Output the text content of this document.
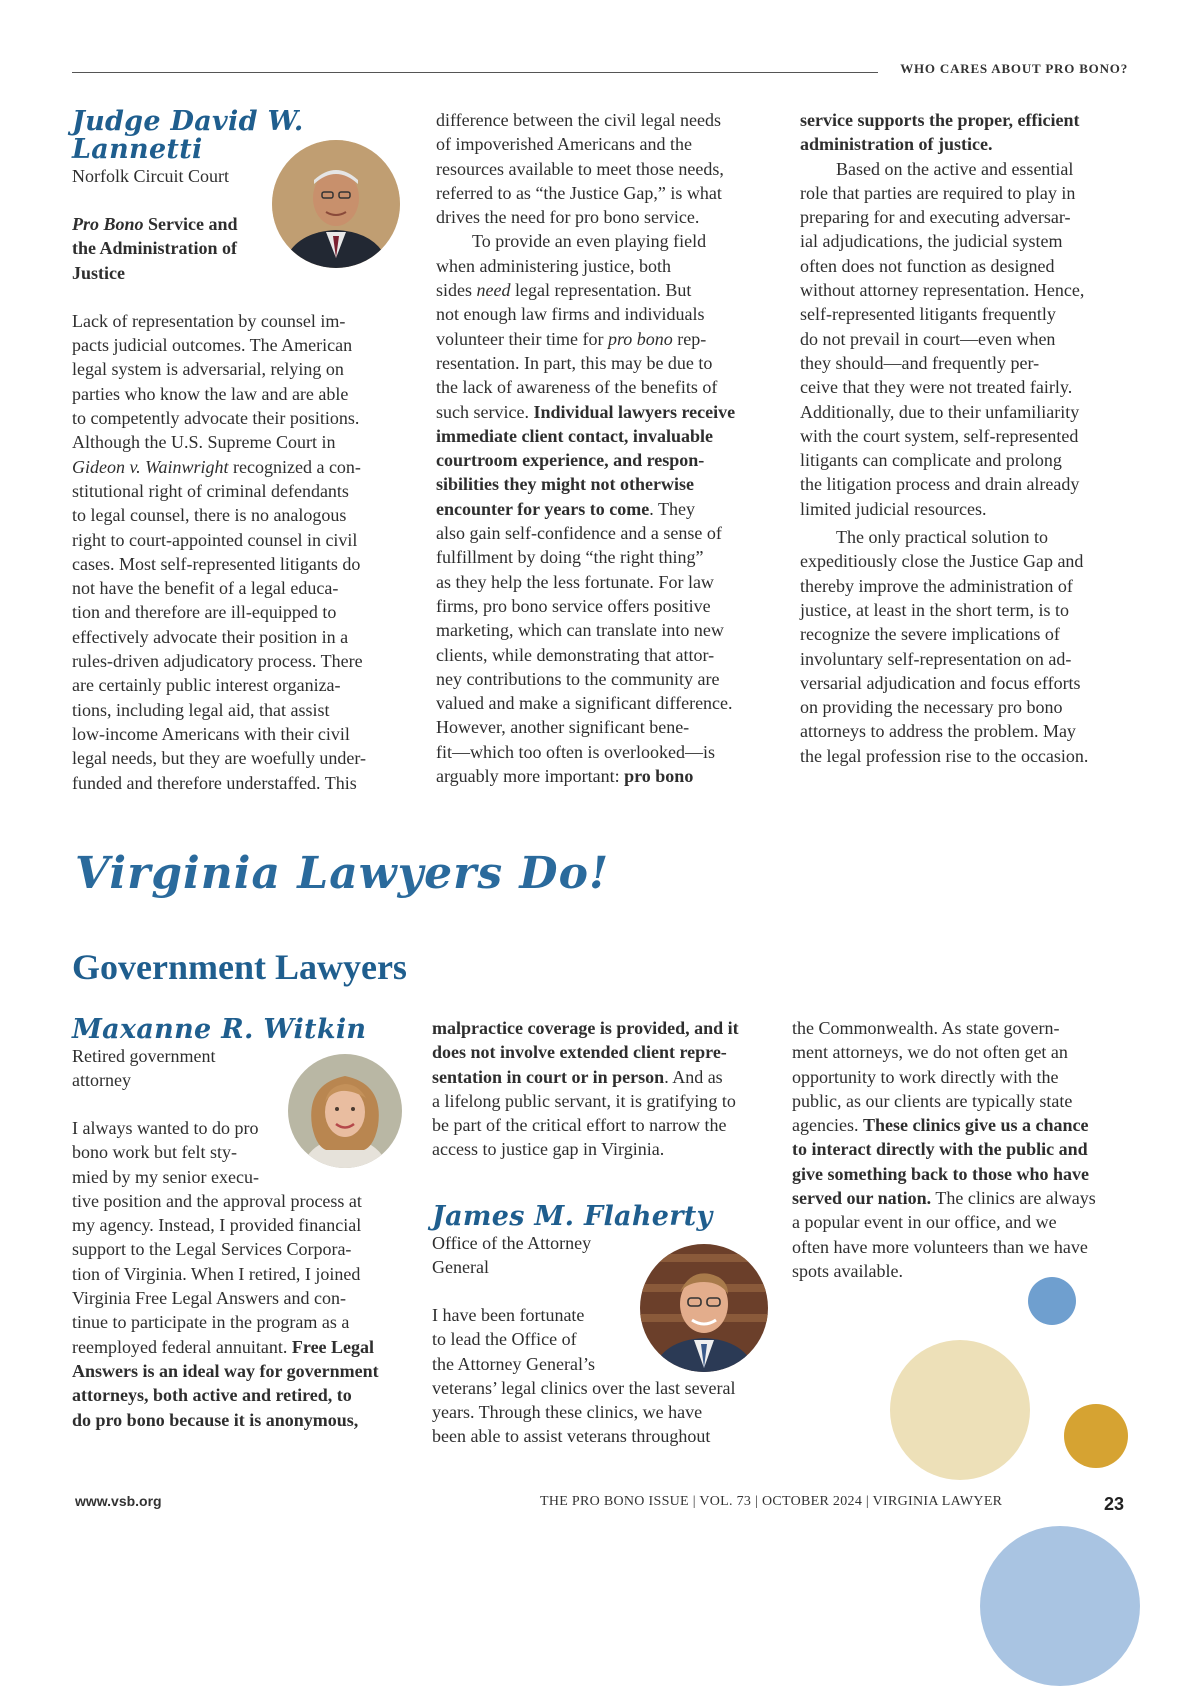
WHO CARES ABOUT PRO BONO?
Judge David W.
Lannetti
Norfolk Circuit Court
Pro Bono Service and
the Administration of
Justice
Lack of representation by counsel im-
pacts judicial outcomes. The American
legal system is adversarial, relying on
parties who know the law and are able
to competently advocate their positions.
Although the U.S. Supreme Court in
Gideon v. Wainwright recognized a con-
stitutional right of criminal defendants
to legal counsel, there is no analogous
right to court-appointed counsel in civil
cases. Most self-represented litigants do
not have the benefit of a legal educa-
tion and therefore are ill-equipped to
effectively advocate their position in a
rules-driven adjudicatory process. There
are certainly public interest organiza-
tions, including legal aid, that assist
low-income Americans with their civil
legal needs, but they are woefully under-
funded and therefore understaffed. This
difference between the civil legal needs
of impoverished Americans and the
resources available to meet those needs,
referred to as “the Justice Gap,” is what
drives the need for pro bono service.
To provide an even playing field
when administering justice, both
sides need legal representation. But
not enough law firms and individuals
volunteer their time for pro bono rep-
resentation. In part, this may be due to
the lack of awareness of the benefits of
such service. Individual lawyers receive
immediate client contact, invaluable
courtroom experience, and respon-
sibilities they might not otherwise
encounter for years to come. They
also gain self-confidence and a sense of
fulfillment by doing “the right thing”
as they help the less fortunate. For law
firms, pro bono service offers positive
marketing, which can translate into new
clients, while demonstrating that attor-
ney contributions to the community are
valued and make a significant difference.
However, another significant bene-
fit—which too often is overlooked—is
arguably more important: pro bono
service supports the proper, efficient
administration of justice.
Based on the active and essential
role that parties are required to play in
preparing for and executing adversar-
ial adjudications, the judicial system
often does not function as designed
without attorney representation. Hence,
self-represented litigants frequently
do not prevail in court—even when
they should—and frequently per-
ceive that they were not treated fairly.
Additionally, due to their unfamiliarity
with the court system, self-represented
litigants can complicate and prolong
the litigation process and drain already
limited judicial resources.
The only practical solution to
expeditiously close the Justice Gap and
thereby improve the administration of
justice, at least in the short term, is to
recognize the severe implications of
involuntary self-representation on ad-
versarial adjudication and focus efforts
on providing the necessary pro bono
attorneys to address the problem. May
the legal profession rise to the occasion.
Virginia Lawyers Do!
Government Lawyers
Maxanne R. Witkin
Retired government
attorney
I always wanted to do pro
bono work but felt sty-
mied by my senior execu-
tive position and the approval process at
my agency. Instead, I provided financial
support to the Legal Services Corpora-
tion of Virginia. When I retired, I joined
Virginia Free Legal Answers and con-
tinue to participate in the program as a
reemployed federal annuitant. Free Legal
Answers is an ideal way for government
attorneys, both active and retired, to
do pro bono because it is anonymous,
malpractice coverage is provided, and it
does not involve extended client repre-
sentation in court or in person. And as
a lifelong public servant, it is gratifying to
be part of the critical effort to narrow the
access to justice gap in Virginia.
James M. Flaherty
Office of the Attorney
General
I have been fortunate
to lead the Office of
the Attorney General’s
veterans’ legal clinics over the last several
years. Through these clinics, we have
been able to assist veterans throughout
the Commonwealth. As state govern-
ment attorneys, we do not often get an
opportunity to work directly with the
public, as our clients are typically state
agencies. These clinics give us a chance
to interact directly with the public and
give something back to those who have
served our nation. The clinics are always
a popular event in our office, and we
often have more volunteers than we have
spots available.
www.vsb.org	THE PRO BONO ISSUE | VOL. 73 | OCTOBER 2024 | VIRGINIA LAWYER	23
